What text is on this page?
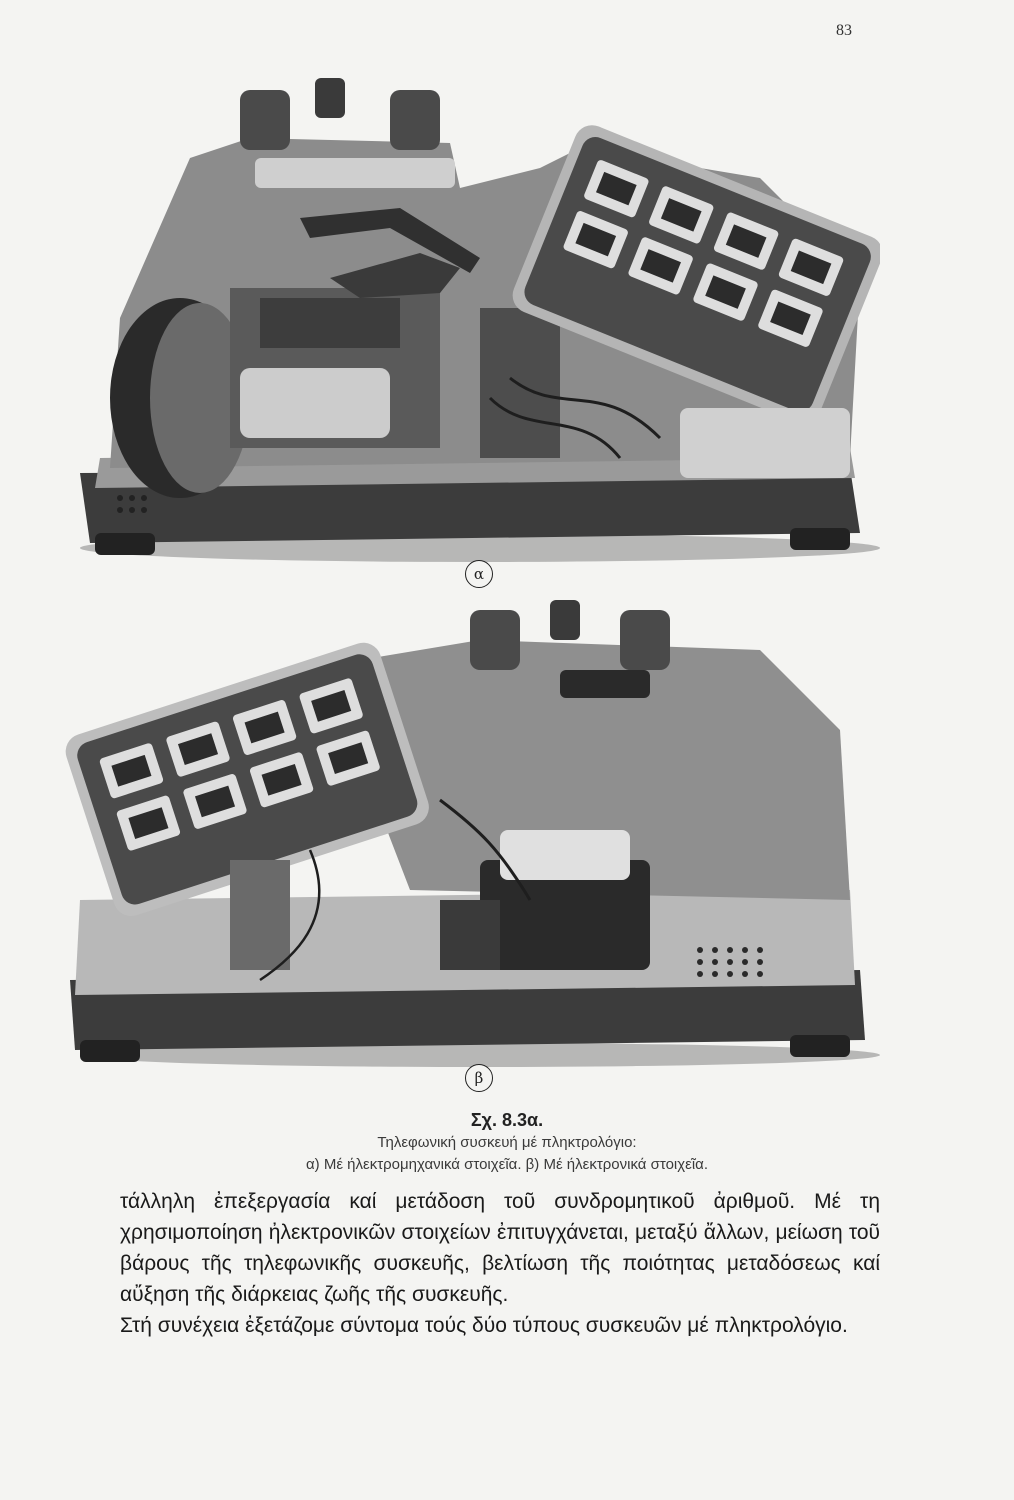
83
α
β
Σχ. 8.3α.
Τηλεφωνική συσκευή μέ πληκτρολόγιο:
α) Μέ ήλεκτρομηχανικά στοιχεῖα. β) Μέ ήλεκτρονικά στοιχεῖα.

τάλληλη ἐπεξεργασία καί μετάδοση τοῦ συνδρομητικοῦ ἀριθμοῦ. Μέ τη χρησιμοποίηση ἠλεκτρονικῶν στοιχείων ἐπιτυγχάνεται, μεταξύ ἄλλων, μείωση τοῦ βάρους τῆς τηλεφωνικῆς συσκευῆς, βελτίωση τῆς ποιότητας μεταδόσεως καί αὔξηση τῆς διάρκειας ζωῆς τῆς συσκευῆς.

Στή συνέχεια ἐξετάζομε σύντομα τούς δύο τύπους συσκευῶν μέ πληκτρολόγιο.
